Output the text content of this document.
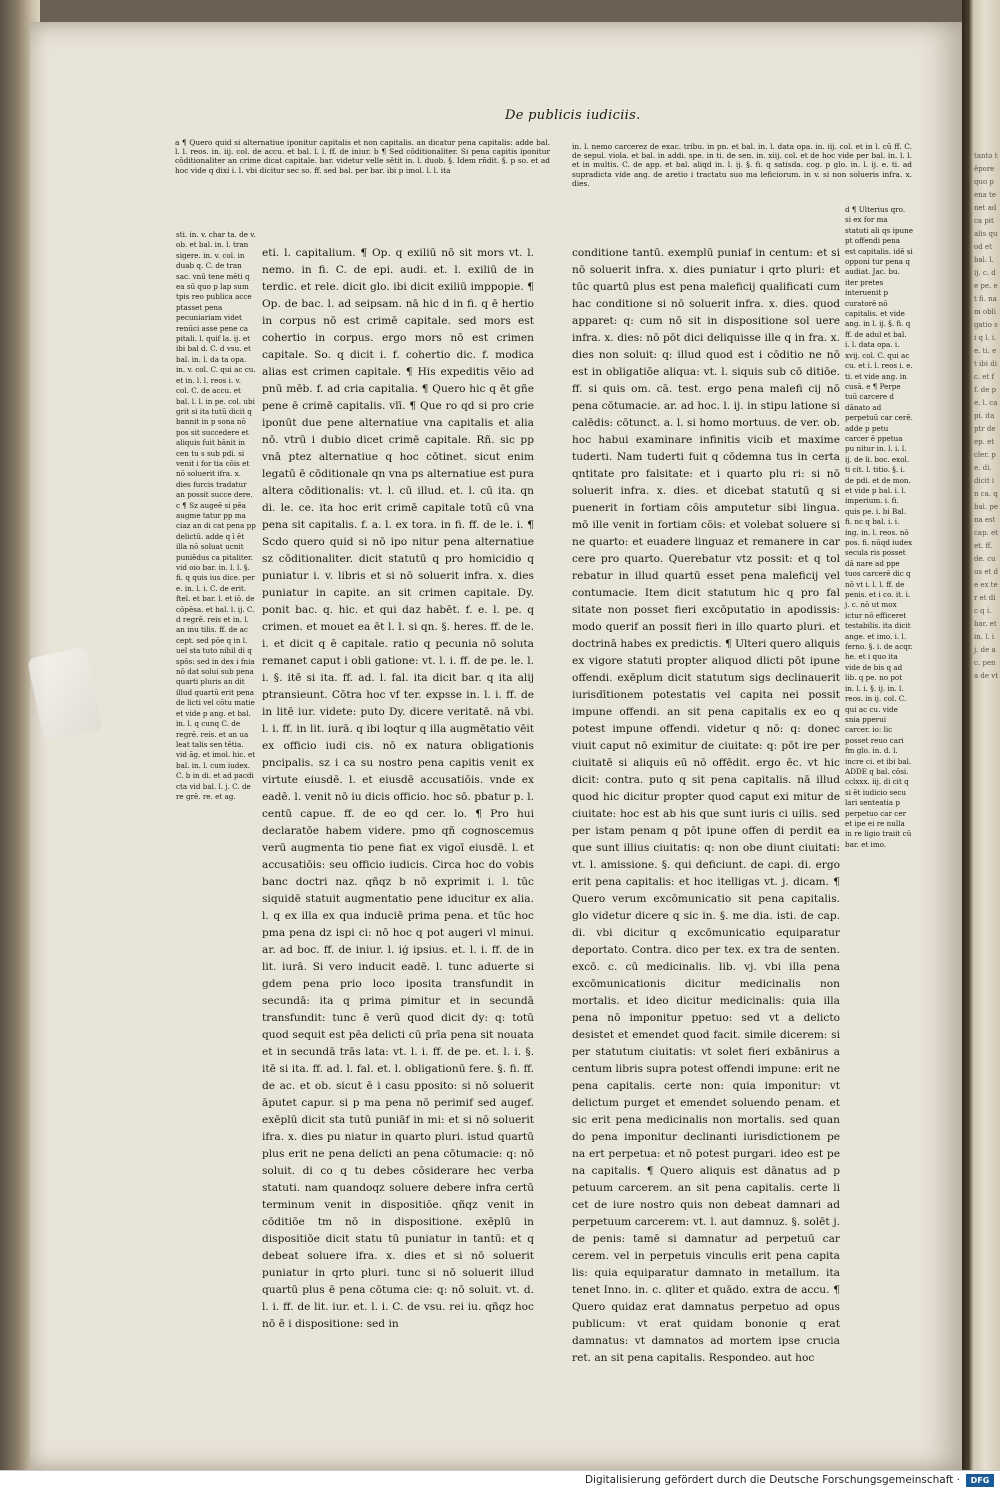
tanto tēpore quo pena tenet ad ca pitalis quod et bal. l. ij. c. de pe. et fi. nam obligatio si q l. i. e. ti. et ibi dic. et ff. de pe. l. capi. ita ptr de ep. et cler. pe. di. dicit in ca. q bal. pena est cap. et et. ff. de. cuus et de ex ter et dic q i. bar. et in. l. ij. de ac. pena de vt
De publicis iudiciis.
a ¶ Quero quid si alternatiue iponitur capitalis et non capitalis. an dicatur pena capitalis: adde bal. l. l. reos. in. iij. col. de accu. et bal. l. l. ff. de iniur. b ¶ Sed cōditionaliter. Si pena capitis iponitur cōditionaliter an crime dicat capitale. bar. videtur velle sētit in. l. duob. §. Idem rñdit. §. p so. et ad hoc vide q dixi i. l. vbi dicitur sec so. ff. sed bal. per bar. ibi p imol. l. l. ita
in. l. nemo carcerez de exac. tribu. in pn. et bal. in. l. data opa. in. iij. col. et in l. cū ff. C. de sepul. viola. et bal. in addi. spe. in ti. de sen. in. xiij. col. et de hoc vide per bal. in. l. l. et in multis. C. de app. et bal. aliqd in. l. ij. §. fi. q satisda. cog. p glo. in. l. ij. e. ti. ad supradicta vide ang. de aretio i tractatu suo ma leficiorum. in v. si non solueris infra. x. dies.
sti. in. v. char ta. de v. ob. et bal. in. l. tran sigere. in. v. col. in duab q. C. de tran sac. vnū tene mēti q ea sū quo p lap sum tpis reo publica acce ptasset pena pecuniariam videt renūci asse pene ca pitali. l. quif la. ij. et ibi bal d. C. d vsu. et bal. in. l. da ta opa. in. v. col. C. qui ac cu. et in. l. l. reos i. v. col. C. de accu. et bal. l. l. in pe. col. ubi grit si ita tutū dicit q bannit in p sona nō pos sit succedere et aliquis fuit bānit in cen tu s sub pdi. si venit i for tia cōis et nō soluerit ifra. x. dies furcis tradatur an possit succe dere. c ¶ Sz augeē si pēa augme tatur pp ma ciaz an di cat pena pp delictū. adde q ī ēt illa nō soluat ucnit puniēdus ca pitaliter. vid oio bar. in. l. l. §. fi. q quis ius dice. per e. in. l. i. C. de erit. ftel. et bar. l. et iō. de cōpēsa. et bal. l. ij. C. d regrē. reis et in. l. an inu tilis. ff. de ac cept. sed pōe q in l. uel sta tuto nihil di q spōs: sed in dex i fnia nō dat solui sub pena quarti pluris an dit illud quartū erit pena de licti vel cōtu matie et vide p ang. et bal. in. l. q cunq C. de regrē. reis. et an ua leat talis sen tētia. vid āg. et imol. hic. et bal. in. l. cum iudex. C. b in di. et ad pacdi cta vid bal. l. j. C. de re grē. re. et ag.
eti. l. capitalium. ¶ Op. q exiliū nō sit mors vt. l. nemo. in fi. C. de epi. audi. et. l. exiliū de in terdic. et rele. dicit glo. ibi dicit exiliū imppopie. ¶ Op. de bac. l. ad seipsam. nā hic d in fi. q ē hertio in corpus nō est crimē capitale. sed mors est cohertio in corpus. ergo mors nō est crimen capitale. So. q dicit i. f. cohertio dic. f. modica alias est crimen capitale. ¶ His expeditis vēio ad pnū mēb. f. ad cria capitalia. ¶ Quero hic q ēt gñe pene ē crimē capitalis. vlī. ¶ Que ro qd si pro crie iponūt due pene alternatiue vna capitalis et alia nō. vtrū i dubio dicet crimē capitale. Rñ. sic pp vnā ptez alternatiue q hoc cōtinet. sicut enim legatū ē cōditionale qn vna ps alternatiue est pura altera cōditionalis: vt. l. cū illud. et. l. cū ita. qn di. le. ce. ita hoc erit crimē capitale totū cū vna pena sit capitalis. f. a. l. ex tora. in fi. ff. de le. i. ¶ Scdo quero quid si nō ipo nitur pena alternatiue sz cōditionaliter. dicit statutū q pro homicidio q puniatur i. v. libris et si nō soluerit infra. x. dies puniatur in capite. an sit crimen capitale. Dy. ponit bac. q. hic. et qui daz habēt. f. e. l. pe. q crimen. et mouet ea ēt l. l. si qn. §. heres. ff. de le. i. et dicit q ē capitale. ratio q pecunia nō soluta remanet caput i obli gatione: vt. l. i. ff. de pe. le. l. i. §. itē si ita. ff. ad. l. fal. ita dicit bar. q ita alij ptransieunt. Cōtra hoc vf ter. expsse in. l. i. ff. de in litē iur. videte: puto Dy. dicere veritatē. nā vbi. l. i. ff. in lit. iurā. q ibi loqtur q illa augmētatio vēit ex officio iudi cis. nō ex natura obligationis pncipalis. sz i ca su nostro pena capitis venit ex virtute eiusdē. l. et eiusdē accusatiōis. vnde ex eadē. l. venit nō iu dicis officio. hoc sō. pbatur p. l. centū capue. ff. de eo qd cer. lo. ¶ Pro hui declaratōe habem videre. pmo qñ cognoscemus verū augmenta tio pene fiat ex vigoī eiusdē. l. et accusatiōis: seu officio iudicis. Circa hoc do vobis banc doctri naz. qñqz b nō exprimit i. l. tūc siquidē statuit augmentatio pene iducitur ex alia. l. q ex illa ex qua induciē prima pena. et tūc hoc pma pena dz ispi ci: nō hoc q pot augeri vl minui. ar. ad boc. ff. de iniur. l. iģ ipsius. et. l. i. ff. de in lit. iurā. Si vero inducit eadē. l. tunc aduerte si gdem pena prio loco iposita transfundit in secundā: ita q prima pimitur et in secundā transfundit: tunc ē verū quod dicit dy: q: totū quod sequit est pēa delicti cū prīa pena sit nouata et in secundā trās lata: vt. l. i. ff. de pe. et. l. i. §. itē si ita. ff. ad. l. fal. et. l. obligationū fere. §. fi. ff. de ac. et ob. sicut ē i casu pposito: si nō soluerit āputet capur. si p ma pena nō perimif sed augef. exēplū dicit sta tutū puniāf in mi: et si nō soluerit ifra. x. dies pu niatur in quarto pluri. istud quartū plus erit ne pena delicti an pena cōtumacie: q: nō soluit. di co q tu debes cōsiderare hec verba statuti. nam quandoqz soluere debere infra certū terminum venit in dispositiōe. qñqz venit in cōditiōe tm nō in dispositione. exēplū in dispositiōe dicit statu tū puniatur in tantū: et q debeat soluere ifra. x. dies et si nō soluerit puniatur in qrto pluri. tunc si nō soluerit illud quartū plus ē pena cōtuma cie: q: nō soluit. vt. d. l. i. ff. de lit. iur. et. l. i. C. de vsu. rei iu. qñqz hoc nō ē i dispositione: sed in
conditione tantū. exemplū puniaf in centum: et si nō soluerit infra. x. dies puniatur i qrto pluri: et tūc quartū plus est pena maleficij qualificati cum hac conditione si nō soluerit infra. x. dies. quod apparet: q: cum nō sit in dispositione sol uere infra. x. dies: nō pōt dici deliquisse ille q in fra. x. dies non soluit: q: illud quod est i cōditio ne nō est in obligatiōe aliqua: vt. l. siquis sub cō ditiōe. ff. si quis om. cā. test. ergo pena malefi cij nō pena cōtumacie. ar. ad hoc. l. ij. in stipu latione si calēdis: cōtunct. a. l. si homo mortuus. de ver. ob. hoc habui examinare infinitis vicib et maxime tuderti. Nam tuderti fuit q cōdemna tus in certa qntitate pro falsitate: et i quarto plu ri: si nō soluerit infra. x. dies. et dicebat statutū q si puenerit in fortiam cōis amputetur sibi lingua. mō ille venit in fortiam cōis: et volebat soluere si ne quarto: et euadere linguaz et remanere in car cere pro quarto. Querebatur vtz possit: et q tol rebatur in illud quartū esset pena maleficij vel contumacie. Item dicit statutum hic q pro fal sitate non posset fieri excōputatio in apodissis: modo querif an possit fieri in illo quarto pluri. et doctrinā habes ex predictis. ¶ Ulteri quero aliquis ex vigore statuti propter aliquod dlicti pōt ipune offendi. exēplum dicit statutum sigs declinauerit iurisdītionem potestatis vel capita nei possit impune offendi. an sit pena capitalis ex eo q potest impune offendi. videtur q nō: q: donec viuit caput nō eximitur de ciuitate: q: pōt ire per ciuitatē si aliquis eū nō offēdit. ergo ēc. vt hic dicit: contra. puto q sit pena capitalis. nā illud quod hic dicitur propter quod caput exi mitur de ciuitate: hoc est ab his que sunt iuris ci uilis. sed per istam penam q pōt ipune offen di perdit ea que sunt illius ciuitatis: q: non obe diunt ciuitati: vt. l. amissione. §. qui deficiunt. de capi. di. ergo erit pena capitalis: et hoc itelligas vt. j. dicam. ¶ Quero verum excōmunicatio sit pena capitalis. glo videtur dicere q sic in. §. me dia. isti. de cap. di. vbi dicitur q excōmunicatio equiparatur deportato. Contra. dico per tex. ex tra de senten. excō. c. cū medicinalis. lib. vj. vbi illa pena excōmunicationis dicitur medicinalis non mortalis. et ideo dicitur medicinalis: quia illa pena nō imponitur ppetuo: sed vt a delicto desistet et emendet quod facit. simile dicerem: si per statutum ciuitatis: vt solet fieri exbānirus a centum libris supra potest offendi impune: erit ne pena capitalis. certe non: quia imponitur: vt delictum purget et emendet soluendo penam. et sic erit pena medicinalis non mortalis. sed quan do pena imponitur declinanti iurisdictionem pe na ert perpetua: et nō potest purgari. ideo est pe na capitalis. ¶ Quero aliquis est dānatus ad p petuum carcerem. an sit pena capitalis. certe li cet de iure nostro quis non debeat damnari ad perpetuum carcerem: vt. l. aut damnuz. §. solēt j. de penis: tamē si damnatur ad perpetuū car cerem. vel in perpetuis vinculis erit pena capita lis: quia equiparatur damnato in metallum. ita tenet Inno. in. c. qliter et quādo. extra de accu. ¶ Quero quidaz erat damnatus perpetuo ad opus publicum: vt erat quidam bononie q erat damnatus: vt damnatos ad mortem ipse crucia ret. an sit pena capitalis. Respondeo. aut hoc
d ¶ Ulterius qro. si ex for ma statuti ali qs ipune pt offendi pena est capitalis. idē si opponi tur pena q audiat. Jac. bu. iter pretes interuenit p curatorē nō capitalis. et vide ang. in l. ij. §. fi. q ff. de adul et bal. i. l. data opa. i. xvij. col. C. qui ac cu. et i. l. reos i. e. ti. et vide ang. in cusā. e ¶ Perpe tuū carcere d dānato ad perpetuū car cerē. adde p petu carcer ē ppetua pu nitur in. l. i. l. ij. de li. boc. exol. ti cit. l. titio. §. i. de pdi. et de mon. et vide p bal. i. l. imperium. i. fi. quis pe. i. bi Bal. fi. nc q bal. i. i. ing. in. l. reos. nō pos. fi. nūqd iudex secula ris posset dā nare ad ppe tuos carcerē dic q nō vt i. l. l. ff. de penis. et i co. it. i. j. c. nō ut mox ictur nō efficeret testabilis. ita dicit ange. et imo. i. l. ferno. §. i. de acqr. he. et i quo ita vide de bis q ad lib. q pe. no pot in. l. i. §. ij. in. l. reos. in ij. col. C. qui ac cu. vide snia pperui carcer. io: lic posset reuo cari fm glo. in. d. l. incre ci. et ibi bal. ADDE q bal. cōsi. cclxxx. iij. di cit q si ēt iudicio secu lari senteatia p perpetuo car cer et ipe ei re nulla in re ligio traiit cū bar. et imo.
Digitalisierung gefördert durch die Deutsche Forschungsgemeinschaft ·	DFG
